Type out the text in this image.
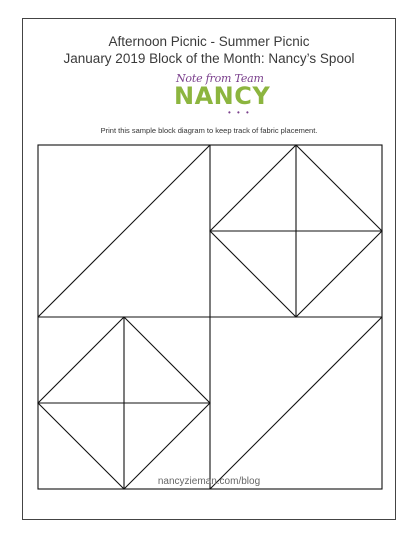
Afternoon Picnic - Summer Picnic
January 2019 Block of the Month: Nancy’s Spool
Note from Team
NANCY
• • •
Print this sample block diagram to keep track of fabric placement.
nancyzieman.com/blog
